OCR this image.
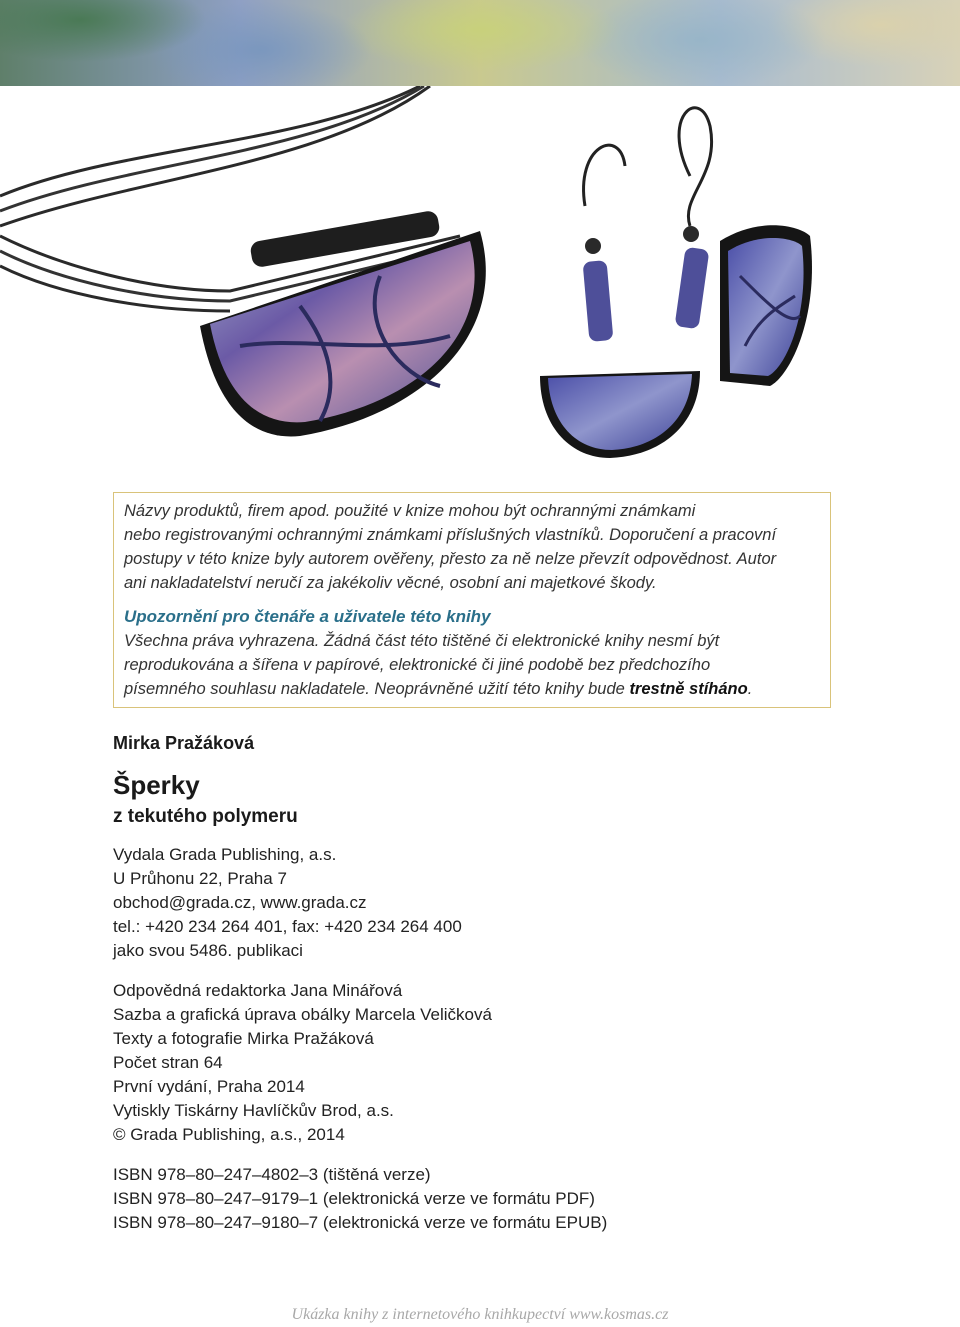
Názvy produktů, firem apod. použité v knize mohou být ochrannými známkami

nebo registrovanými ochrannými známkami příslušných vlastníků. Doporučení a pracovní

postupy v této knize byly autorem ověřeny, přesto za ně nelze převzít odpovědnost. Autor

ani nakladatelství neručí za jakékoliv věcné, osobní ani majetkové škody.

Upozornění pro čtenáře a uživatele této knihy

Všechna práva vyhrazena. Žádná část této tištěné či elektronické knihy nesmí být

reprodukována a šířena v papírové, elektronické či jiné podobě bez předchozího

písemného souhlasu nakladatele. Neoprávněné užití této knihy bude trestně stíháno.

Mirka Pražáková
Šperky
z tekutého polymeru
Vydala Grada Publishing, a.s.
U Průhonu 22, Praha 7
obchod@grada.cz, www.grada.cz
tel.: +420 234 264 401, fax: +420 234 264 400
jako svou 5486. publikaci
Odpovědná redaktorka Jana Minářová
Sazba a grafická úprava obálky Marcela Veličková
Texty a fotografie Mirka Pražáková
Počet stran 64
První vydání, Praha 2014
Vytiskly Tiskárny Havlíčkův Brod, a.s.
© Grada Publishing, a.s., 2014
ISBN 978–80–247–4802–3 (tištěná verze)
ISBN 978–80–247–9179–1 (elektronická verze ve formátu PDF)
ISBN 978–80–247–9180–7 (elektronická verze ve formátu EPUB)
Ukázka knihy z internetového knihkupectví www.kosmas.cz
